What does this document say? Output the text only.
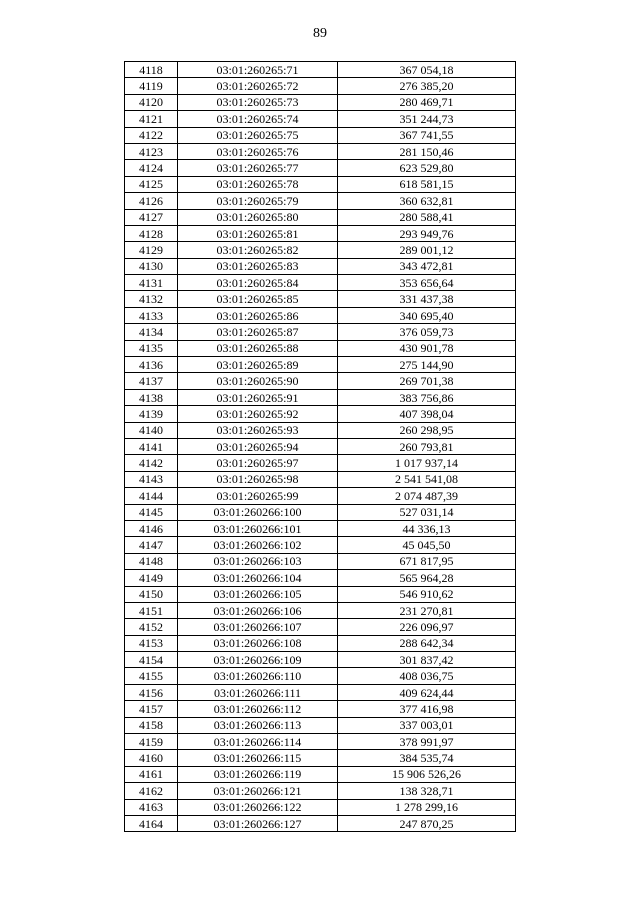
89
4118	03:01:260265:71	367 054,18
4119	03:01:260265:72	276 385,20
4120	03:01:260265:73	280 469,71
4121	03:01:260265:74	351 244,73
4122	03:01:260265:75	367 741,55
4123	03:01:260265:76	281 150,46
4124	03:01:260265:77	623 529,80
4125	03:01:260265:78	618 581,15
4126	03:01:260265:79	360 632,81
4127	03:01:260265:80	280 588,41
4128	03:01:260265:81	293 949,76
4129	03:01:260265:82	289 001,12
4130	03:01:260265:83	343 472,81
4131	03:01:260265:84	353 656,64
4132	03:01:260265:85	331 437,38
4133	03:01:260265:86	340 695,40
4134	03:01:260265:87	376 059,73
4135	03:01:260265:88	430 901,78
4136	03:01:260265:89	275 144,90
4137	03:01:260265:90	269 701,38
4138	03:01:260265:91	383 756,86
4139	03:01:260265:92	407 398,04
4140	03:01:260265:93	260 298,95
4141	03:01:260265:94	260 793,81
4142	03:01:260265:97	1 017 937,14
4143	03:01:260265:98	2 541 541,08
4144	03:01:260265:99	2 074 487,39
4145	03:01:260266:100	527 031,14
4146	03:01:260266:101	44 336,13
4147	03:01:260266:102	45 045,50
4148	03:01:260266:103	671 817,95
4149	03:01:260266:104	565 964,28
4150	03:01:260266:105	546 910,62
4151	03:01:260266:106	231 270,81
4152	03:01:260266:107	226 096,97
4153	03:01:260266:108	288 642,34
4154	03:01:260266:109	301 837,42
4155	03:01:260266:110	408 036,75
4156	03:01:260266:111	409 624,44
4157	03:01:260266:112	377 416,98
4158	03:01:260266:113	337 003,01
4159	03:01:260266:114	378 991,97
4160	03:01:260266:115	384 535,74
4161	03:01:260266:119	15 906 526,26
4162	03:01:260266:121	138 328,71
4163	03:01:260266:122	1 278 299,16
4164	03:01:260266:127	247 870,25
